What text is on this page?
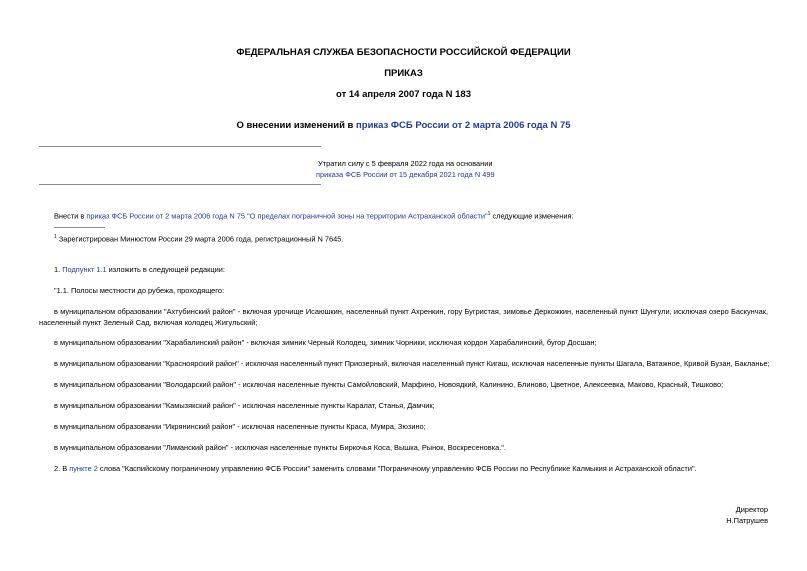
ФЕДЕРАЛЬНАЯ СЛУЖБА БЕЗОПАСНОСТИ РОССИЙСКОЙ ФЕДЕРАЦИИ
ПРИКАЗ
от 14 апреля 2007 года N 183
О внесении изменений в приказ ФСБ России от 2 марта 2006 года N 75
Утратил силу с 5 февраля 2022 года на основании
приказа ФСБ России от 15 декабря 2021 года N 499
Внести в приказ ФСБ России от 2 марта 2006 года N 75 "О пределах пограничной зоны на территории Астраханской области"$^1$ следующие изменения:
$^1$ Зарегистрирован Минюстом России 29 марта 2006 года, регистрационный N 7645.
1. Подпункт 1.1 изложить в следующей редакции:
"1.1. Полосы местности до рубежа, проходящего:
в муниципальном образовании "Ахтубинский район" - включая урочище Исаюшкин, населенный пункт Ахренкин, гору Бугристая, зимовье Деркожкин, населенный пункт Шунгули, исключая озеро Баскунчак, населенный пункт Зеленый Сад, включая колодец Жигульский;
в муниципальном образовании "Харабалинский район" - включая зимник Черный Колодец, зимник Чорники, исключая кордон Харабалинский, бугор Досшан;
в муниципальном образовании "Красноярский район" - исключая населенный пункт Приозерный, включая населенный пункт Кигаш, исключая населенные пункты Шагала, Ватажное, Кривой Бузан, Бакланье;
в муниципальном образовании "Володарский район" - исключая населенные пункты Самойловский, Марфино, Новоядкий, Калинино, Блиново, Цветное, Алексеевка, Маково, Красный, Тишково;
в муниципальном образовании "Камызякский район" - исключая населенные пункты Каралат, Станья, Дамчик;
в муниципальном образовании "Икрянинский район" - исключая населенные пункты Краса, Мумра, Зюзино;
в муниципальном образовании "Лиманский район" - исключая населенные пункты Биркочья Коса, Вышка, Рынок, Воскресеновка.".
2. В пункте 2 слова "Каспийскому пограничному управлению ФСБ России" заменить словами "Пограничному управлению ФСБ России по Республике Калмыкия и Астраханской области".
Директор
Н.Патрушев
